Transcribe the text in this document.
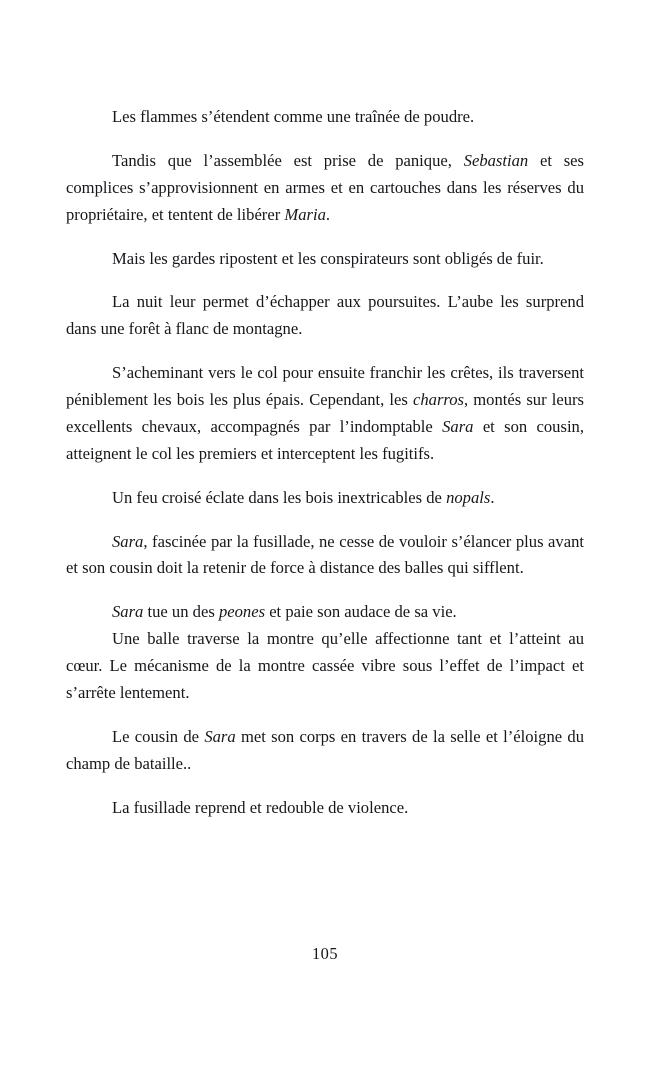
Les flammes s’étendent comme une traînée de poudre.

Tandis que l’assemblée est prise de panique, Sebastian et ses complices s’approvisionnent en armes et en cartouches dans les réserves du propriétaire, et tentent de libérer Maria.

Mais les gardes ripostent et les conspirateurs sont obligés de fuir.

La nuit leur permet d’échapper aux poursuites. L’aube les surprend dans une forêt à flanc de montagne.

S’acheminant vers le col pour ensuite franchir les crêtes, ils traversent péniblement les bois les plus épais. Cependant, les charros, montés sur leurs excellents chevaux, accompagnés par l’indomptable Sara et son cousin, atteignent le col les premiers et interceptent les fugitifs.

Un feu croisé éclate dans les bois inextricables de nopals.

Sara, fascinée par la fusillade, ne cesse de vouloir s’élancer plus avant et son cousin doit la retenir de force à distance des balles qui sifflent.

Sara tue un des peones et paie son audace de sa vie.

Une balle traverse la montre qu’elle affectionne tant et l’atteint au cœur. Le mécanisme de la montre cassée vibre sous l’effet de l’impact et s’arrête lentement.

Le cousin de Sara met son corps en travers de la selle et l’éloigne du champ de bataille..

La fusillade reprend et redouble de violence.

105
